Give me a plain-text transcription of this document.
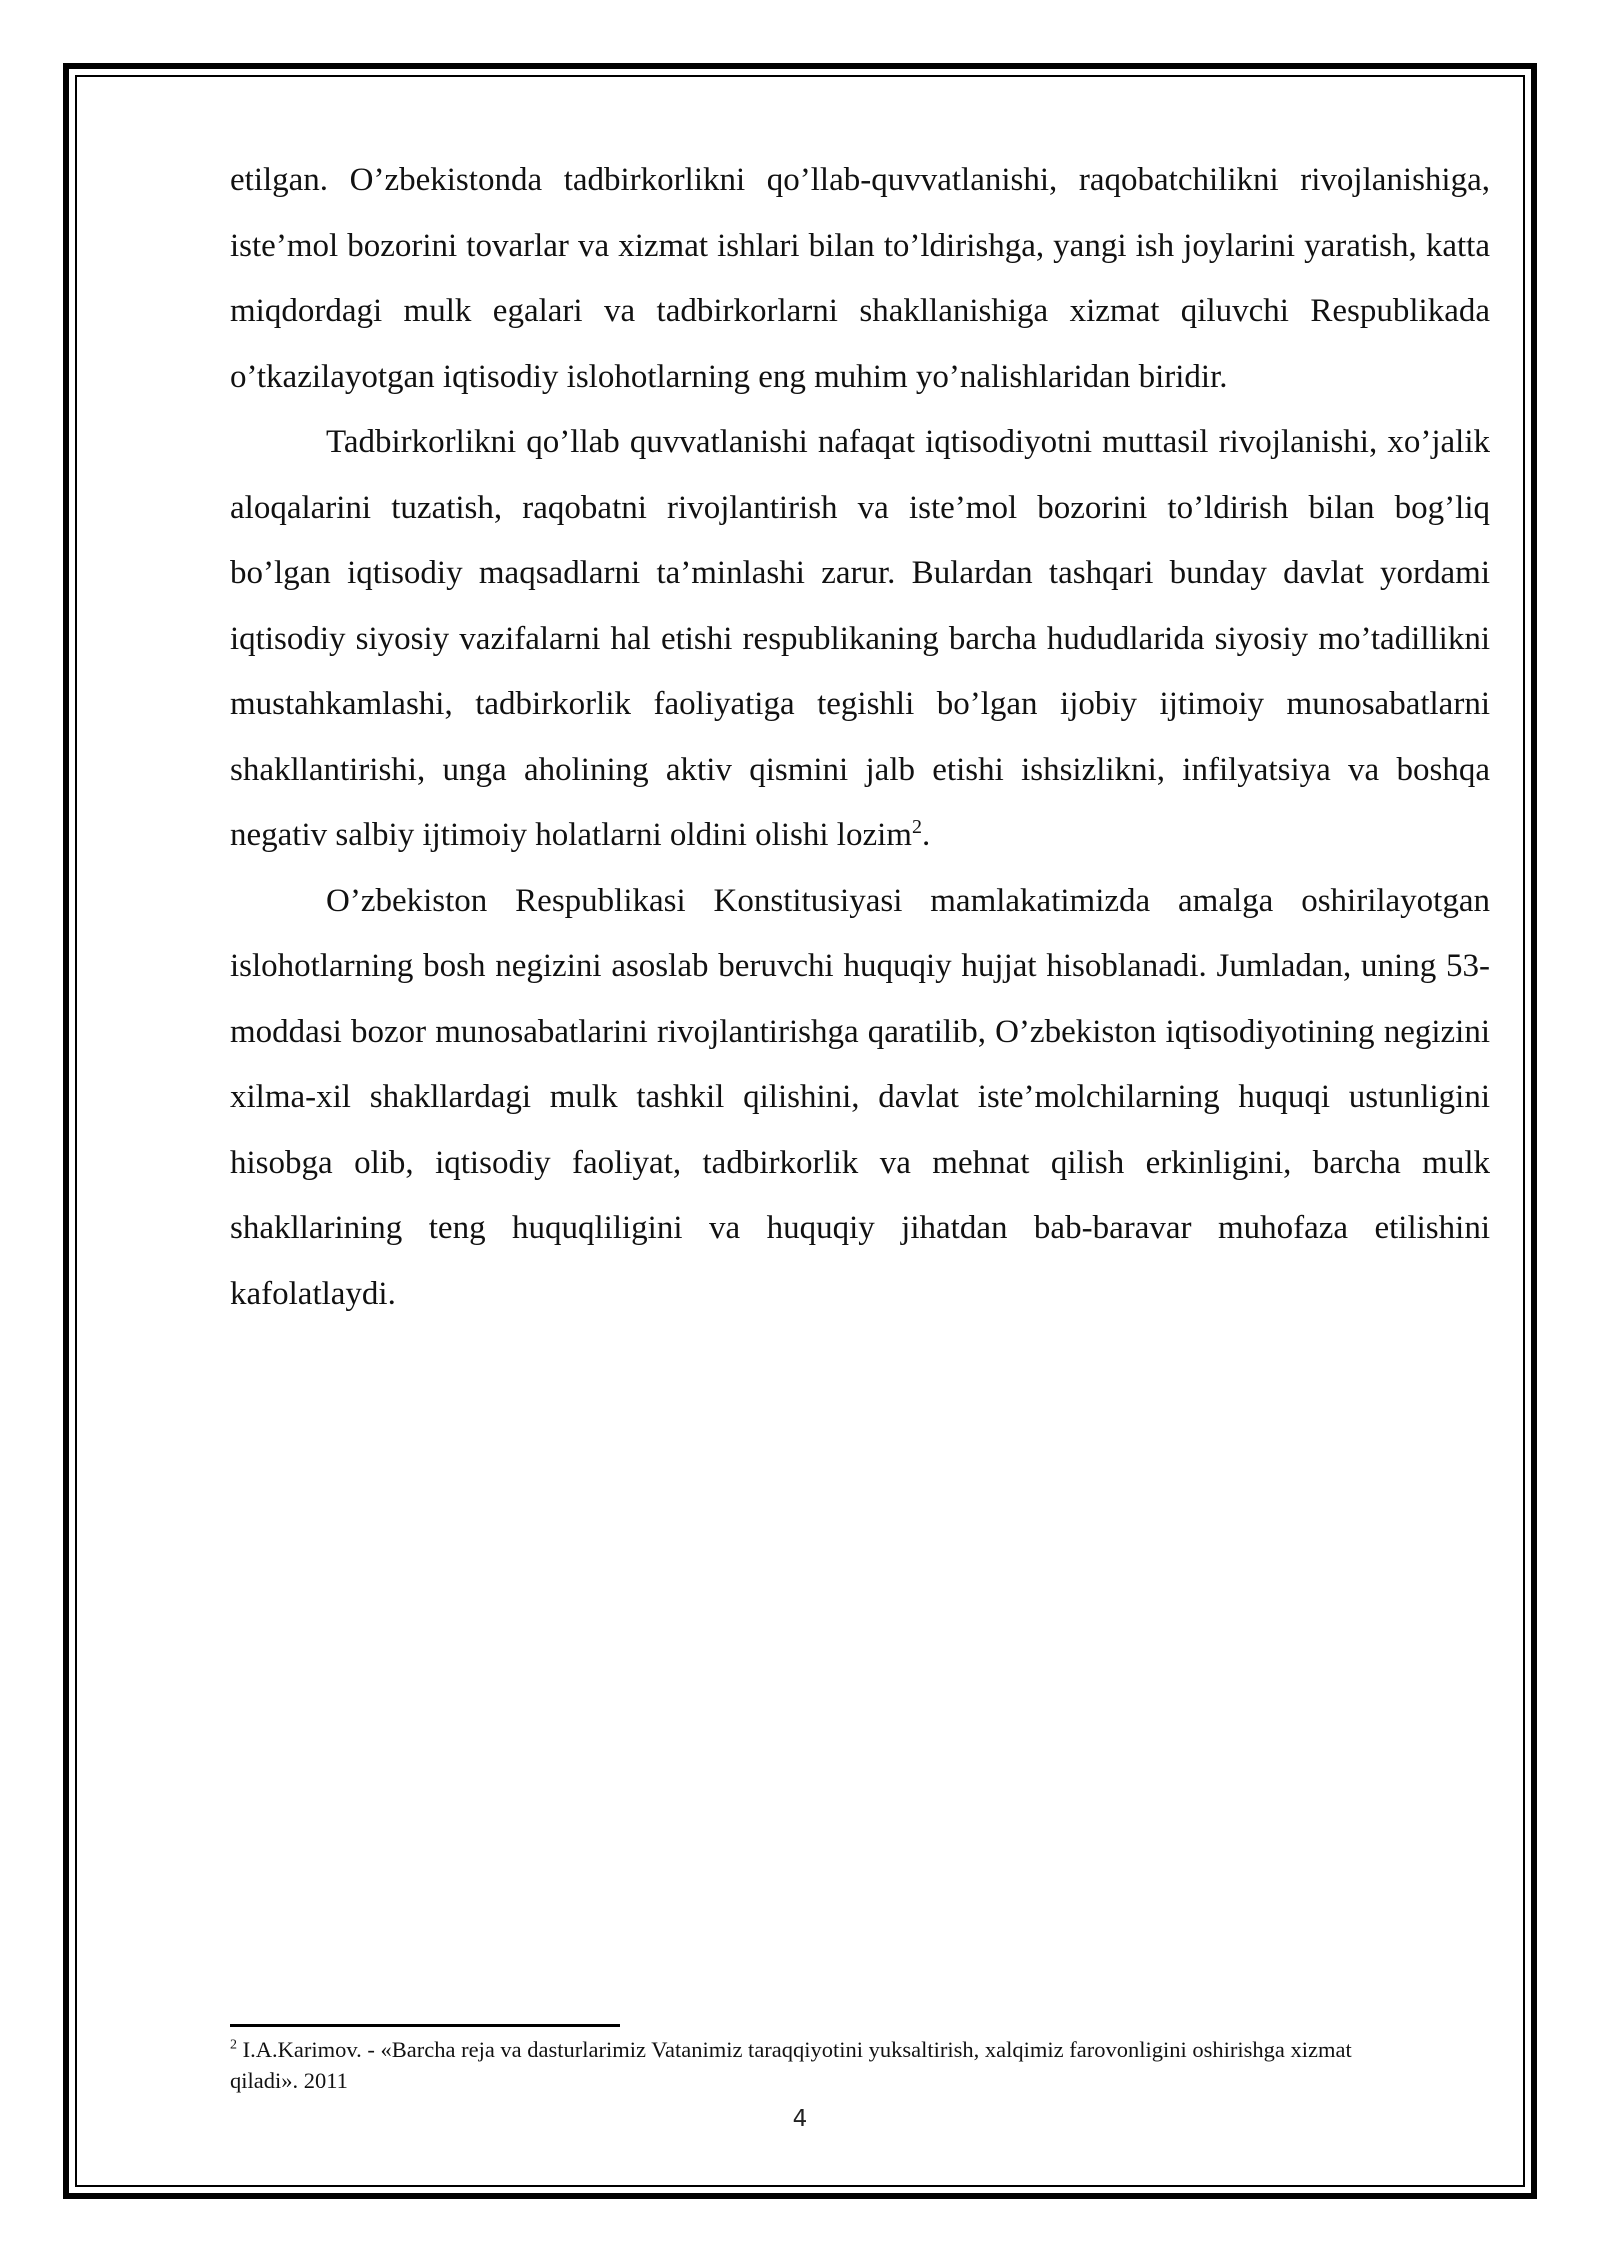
etilgan. O’zbekistonda tadbirkorlikni qo’llab-quvvatlanishi, raqobatchilikni rivojlanishiga, iste’mol bozorini tovarlar va xizmat ishlari bilan to’ldirishga, yangi ish joylarini yaratish, katta miqdordagi mulk egalari va tadbirkorlarni shakllanishiga xizmat qiluvchi Respublikada o’tkazilayotgan iqtisodiy islohotlarning eng muhim yo’nalishlaridan biridir.

Tadbirkorlikni qo’llab quvvatlanishi nafaqat iqtisodiyotni muttasil rivojlanishi, xo’jalik aloqalarini tuzatish, raqobatni rivojlantirish va iste’mol bozorini to’ldirish bilan bog’liq bo’lgan iqtisodiy maqsadlarni ta’minlashi zarur. Bulardan tashqari bunday davlat yordami iqtisodiy siyosiy vazifalarni hal etishi respublikaning barcha hududlarida siyosiy mo’tadillikni mustahkamlashi, tadbirkorlik faoliyatiga tegishli bo’lgan ijobiy ijtimoiy munosabatlarni shakllantirishi, unga aholining aktiv qismini jalb etishi ishsizlikni, infilyatsiya va boshqa negativ salbiy ijtimoiy holatlarni oldini olishi lozim$^2$.

O’zbekiston Respublikasi Konstitusiyasi mamlakatimizda amalga oshirilayotgan islohotlarning bosh negizini asoslab beruvchi huquqiy hujjat hisoblanadi. Jumladan, uning 53-moddasi bozor munosabatlarini rivojlantirishga qaratilib, O’zbekiston iqtisodiyotining negizini xilma-xil shakllardagi mulk tashkil qilishini, davlat iste’molchilarning huquqi ustunligini hisobga olib, iqtisodiy faoliyat, tadbirkorlik va mehnat qilish erkinligini, barcha mulk shakllarining teng huquqliligini va huquqiy jihatdan bab-baravar muhofaza etilishini kafolatlaydi.

$^2$ I.A.Karimov. - «Barcha reja va dasturlarimiz Vatanimiz taraqqiyotini yuksaltirish, xalqimiz farovonligini oshirishga xizmat qiladi». 2011
4
